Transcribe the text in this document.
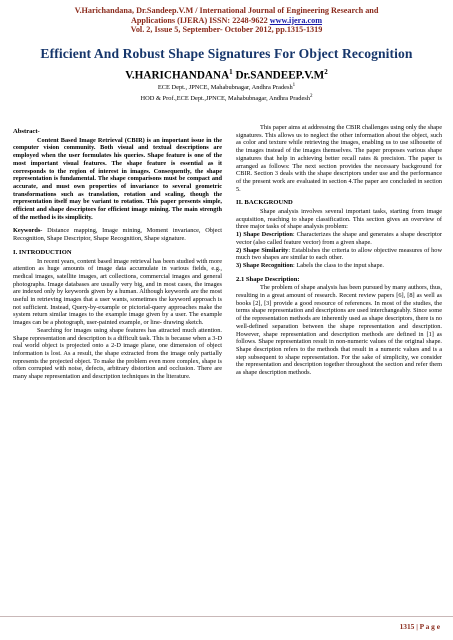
V.Harichandana, Dr.Sandeep.V.M / International Journal of Engineering Research and
Applications (IJERA) ISSN: 2248-9622 www.ijera.com
Vol. 2, Issue 5, September- October 2012, pp.1315-1319
Efficient And Robust Shape Signatures For Object Recognition
V.HARICHANDANA$^1$ $Dr.SANDEEP.V.M^2$
ECE Dept., JPNCE, Mahabubnagar, Andhra Pradesh$^1$
HOD & Prof.,ECE Dept.,JPNCE, Mahabubnagar, Andhra Pradesh$^2$
Abstract-
Content Based Image Retrieval (CBIR) is an important issue in the computer vision community. Both visual and textual descriptions are employed when the user formulates his queries. Shape feature is one of the most important visual features. The shape feature is essential as it corresponds to the region of interest in images. Consequently, the shape representation is fundamental. The shape comparisons must be compact and accurate, and must own properties of invariance to several geometric transformations such as translation, rotation and scaling, though the representation itself may be variant to rotation. This paper presents simple, efficient and shape descriptors for efficient image mining. The main strength of the method is its simplicity.
Keywords- Distance mapping, Image mining, Moment invariance, Object Recognition, Shape Descriptor, Shape Recognition, Shape signature.
I. INTRODUCTION
In recent years, content based image retrieval has been studied with more attention as huge amounts of image data accumulate in various fields, e.g., medical images, satellite images, art collections, commercial images and general photographs. Image databases are usually very big, and in most cases, the images are indexed only by keywords given by a human. Although keywords are the most useful in retrieving images that a user wants, sometimes the keyword approach is not sufficient. Instead, Query-by-example or pictorial-query approaches make the system return similar images to the example image given by a user. The example images can be a photograph, user-painted example, or line- drawing sketch.
Searching for images using shape features has attracted much attention. Shape representation and description is a difficult task. This is because when a 3-D real world object is projected onto a 2-D image plane, one dimension of object information is lost. As a result, the shape extracted from the image only partially represents the projected object. To make the problem even more complex, shape is often corrupted with noise, defects, arbitrary distortion and occlusion. There are many shape representation and description techniques in the literature.
This paper aims at addressing the CBIR challenges using only the shape signatures. This allows us to neglect the other information about the object, such as color and texture while retrieving the images, enabling us to use silhouette of the images instead of the images themselves. The paper proposes various shape signatures that help in achieving better recall rates & precision. The paper is arranged as follows: The next section provides the necessary background for CBIR. Section 3 deals with the shape descriptors under use and the performance of the present work are evaluated in section 4.The paper are concluded in section 5.
II. BACKGROUND
Shape analysis involves several important tasks, starting from image acquisition, reaching to shape classification. This section gives an overview of three major tasks of shape analysis problem:
1) Shape Description: Characterizes the shape and generates a shape descriptor vector (also called feature vector) from a given shape.
2) Shape Similarity: Establishes the criteria to allow objective measures of how much two shapes are similar to each other.
3) Shape Recognition: Labels the class to the input shape.
2.1 Shape Description:
The problem of shape analysis has been pursued by many authors, thus, resulting in a great amount of research. Recent review papers [6], [8] as well as books [2], [3] provide a good resource of references. In most of the studies, the terms shape representation and descriptions are used interchangeably. Since some of the representation methods are inherently used as shape descriptors, there is no well-defined separation between the shape representation and description. However, shape representation and description methods are defined in [1] as follows. Shape representation result in non-numeric values of the original shape. Shape description refers to the methods that result in a numeric values and is a step subsequent to shape representation. For the sake of simplicity, we consider the representation and description together throughout the section and refer them as shape description methods.
1315 | P a g e
